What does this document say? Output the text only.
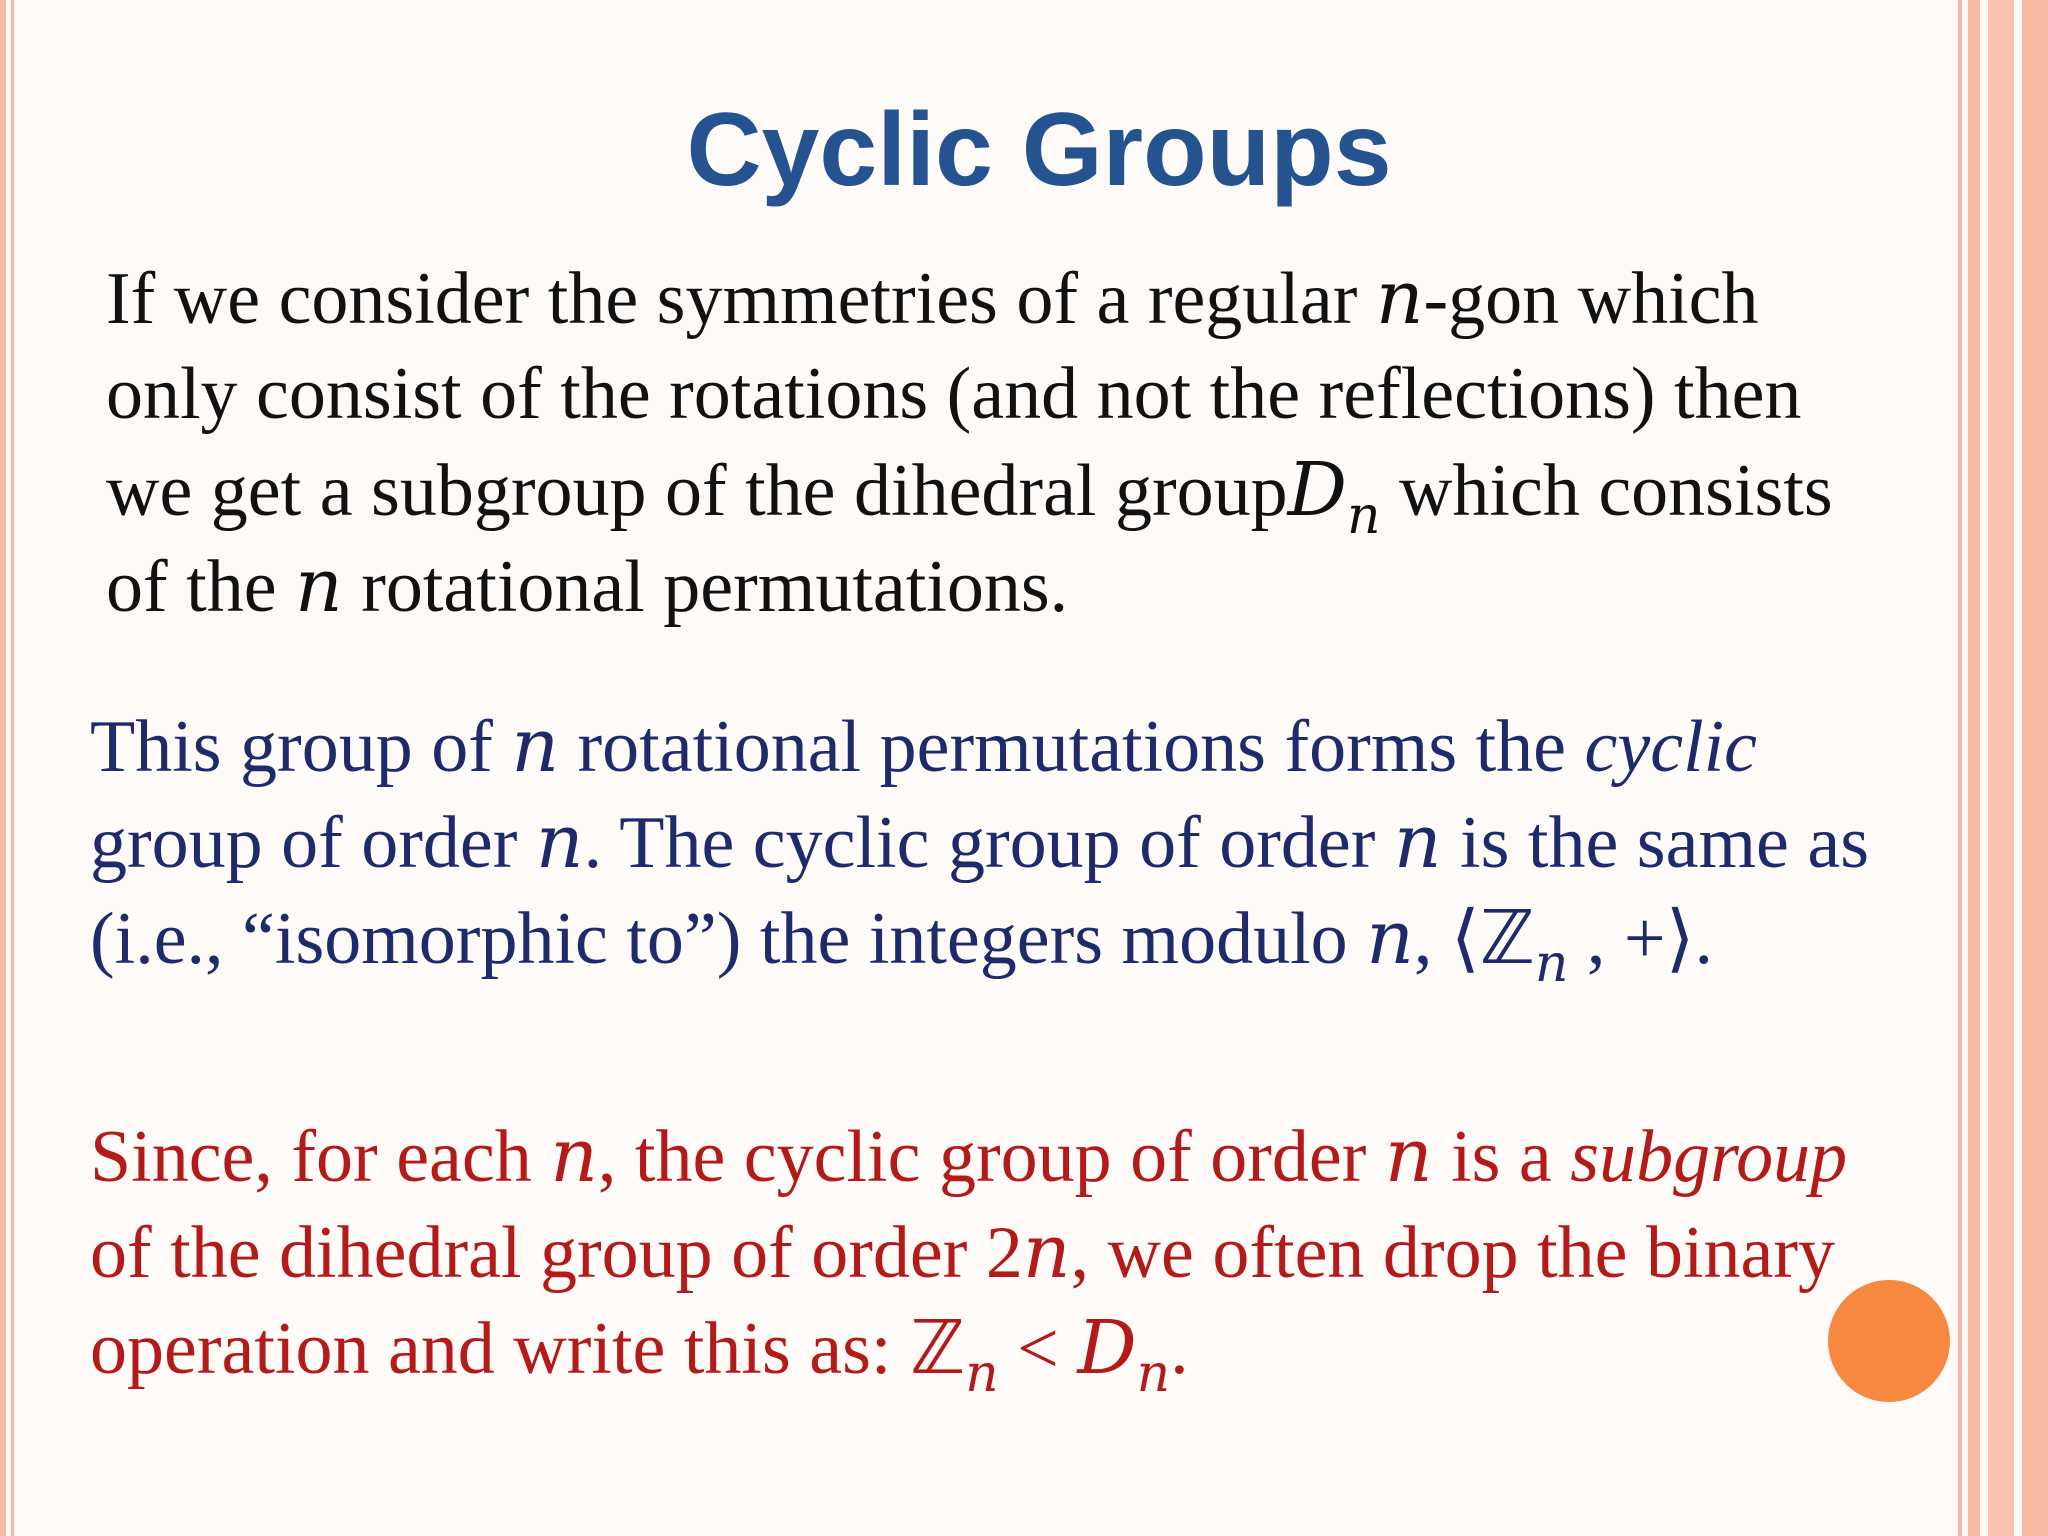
Cyclic Groups
If we consider the symmetries of a regular n-gon which
only consist of the rotations (and not the reflections) then
we get a subgroup of the dihedral groupD$_n$ which consists
of the n rotational permutations.
This group of n rotational permutations forms the cyclic
group of order n. The cyclic group of order n is the same as
(i.e., “isomorphic to”) the integers modulo n, ⟨ℤ$_n$ , +⟩.
Since, for each n, the cyclic group of order n is a subgroup
of the dihedral group of order 2n, we often drop the binary
operation and write this as: ℤ$_n$ < $D_n$.
